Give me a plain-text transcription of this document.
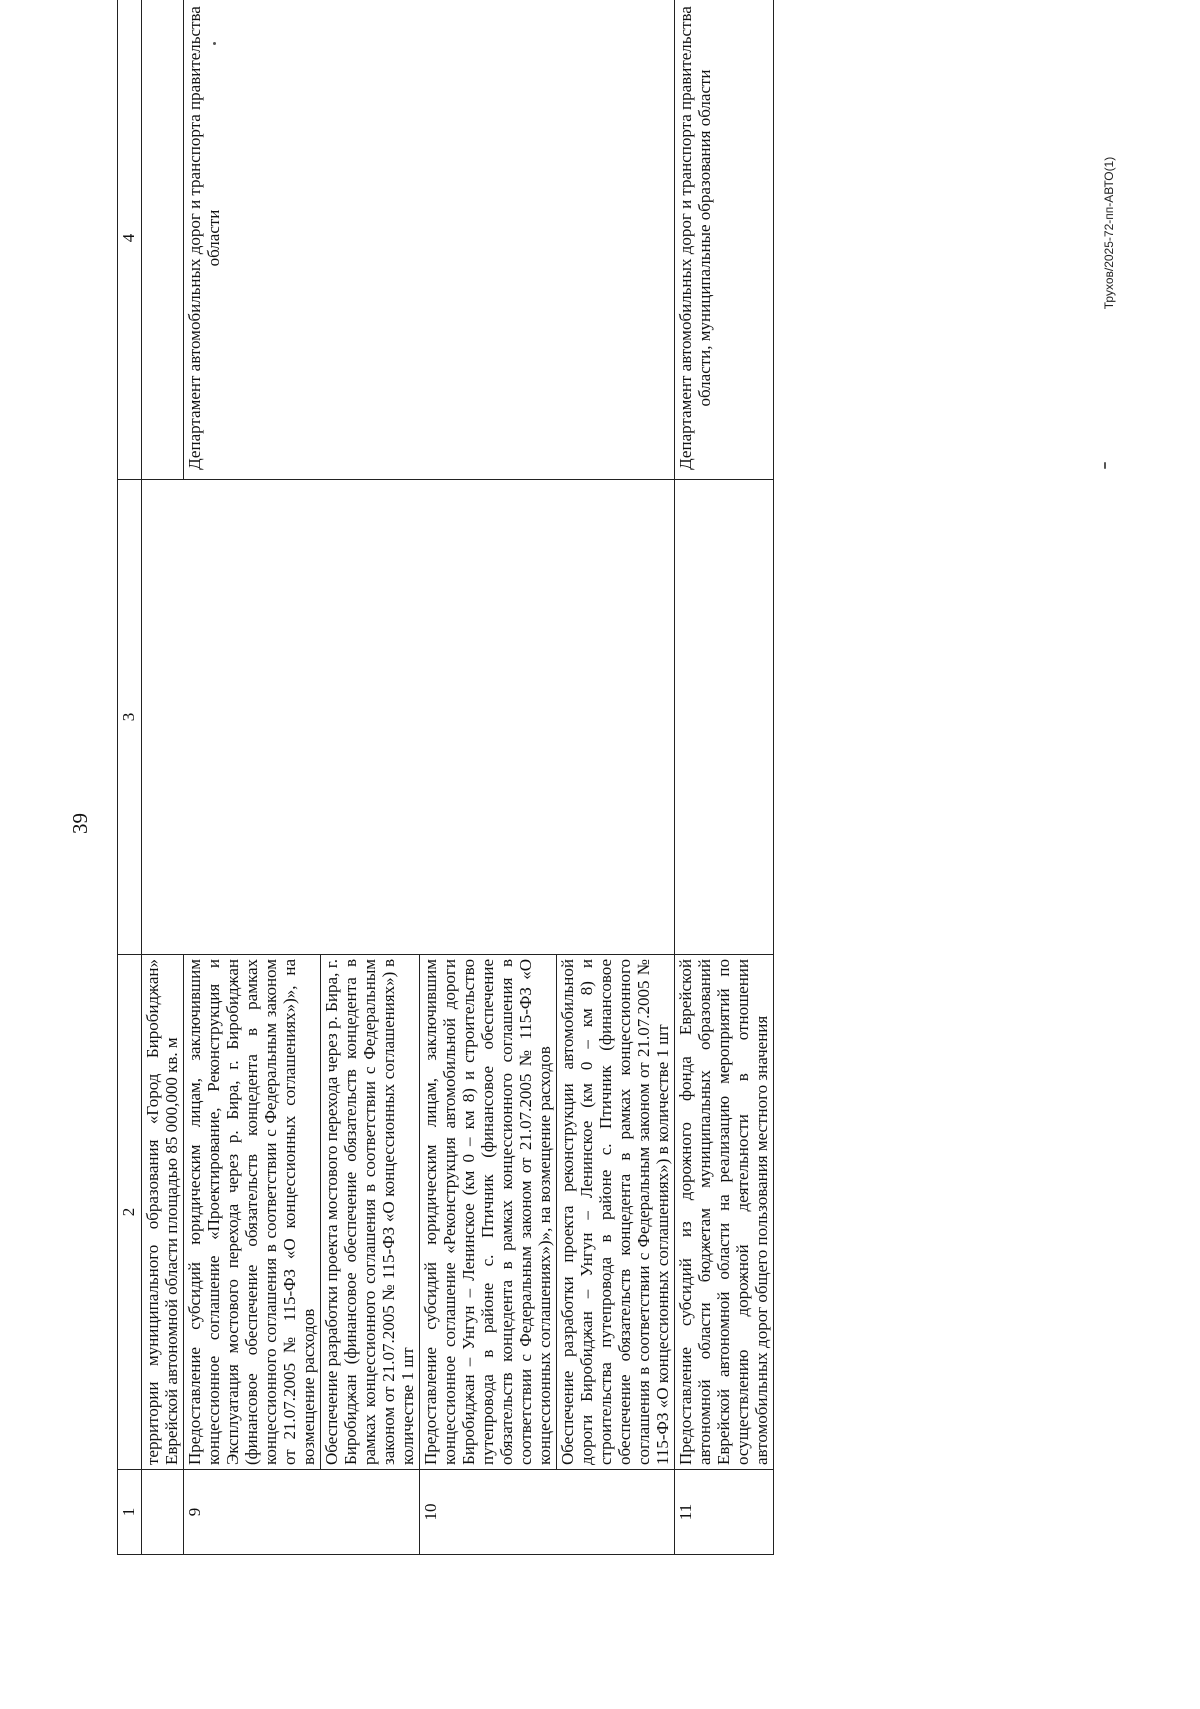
39
Трухов/2025-72-пп-АВТО(1)
1	2	3	4
	территории муниципального образования «Город Биробиджан» Еврейской автономной области площадью 85 000,000 кв. м		
9	Предоставление субсидий юридическим лицам, заключившим концессионное соглашение «Проектирование, Реконструкция и Эксплуатация мостового перехода через р. Бира, г. Биробиджан (финансовое обеспечение обязательств концедента в рамках концессионного соглашения в соответствии с Федеральным законом от 21.07.2005 № 115-ФЗ «О концессионных соглашениях»)», на возмещение расходов		Департамент автомобильных дорог и транспорта правительства области
	Обеспечение разработки проекта мостового перехода через р. Бира, г. Биробиджан (финансовое обеспечение обязательств концедента в рамках концессионного соглашения в соответствии с Федеральным законом от 21.07.2005 № 115-ФЗ «О концессионных соглашениях») в количестве 1 шт		
10	Предоставление субсидий юридическим лицам, заключившим концессионное соглашение «Реконструкция автомобильной дороги Биробиджан – Унгун – Ленинское (км 0 – км 8) и строительство путепровода в районе с. Птичник (финансовое обеспечение обязательств концедента в рамках концессионного соглашения в соответствии с Федеральным законом от 21.07.2005 № 115-ФЗ «О концессионных соглашениях»)», на возмещение расходов		
	Обеспечение разработки проекта реконструкции автомобильной дороги Биробиджан – Унгун – Ленинское (км 0 – км 8) и строительства путепровода в районе с. Птичник (финансовое обеспечение обязательств концедента в рамках концессионного соглашения в соответствии с Федеральным законом от 21.07.2005 № 115-ФЗ «О концессионных соглашениях») в количестве 1 шт		
11	Предоставление субсидий из дорожного фонда Еврейской автономной области бюджетам муниципальных образований Еврейской автономной области на реализацию мероприятий по осуществлению дорожной деятельности в отношении автомобильных дорог общего пользования местного значения		Департамент автомобильных дорог и транспорта правительства области, муниципальные образования области
